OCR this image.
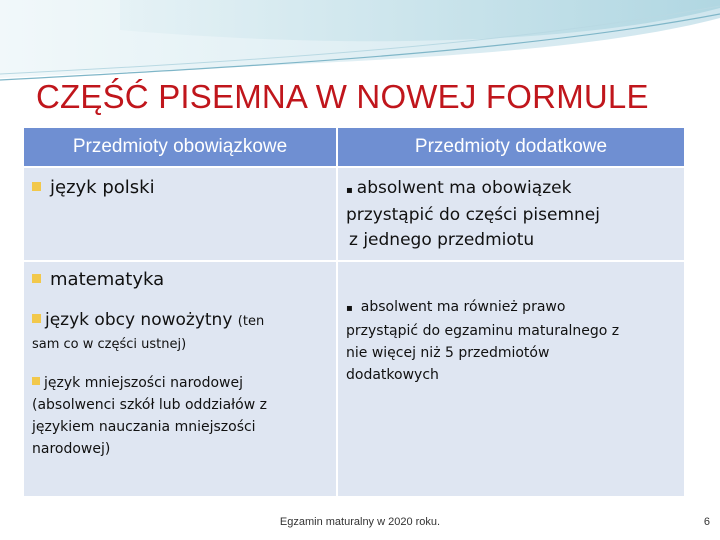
CZĘŚĆ PISEMNA W NOWEJ FORMULE
Przedmioty obowiązkowe	Przedmioty dodatkowe
język polski
matematyka
język obcy nowożytny (ten
sam co w części ustnej)
język mniejszości narodowej
(absolwenci szkół lub oddziałów z
językiem nauczania mniejszości
narodowej)
▪ absolwent ma obowiązek
przystąpić do części pisemnej
z jednego przedmiotu
▪ absolwent ma również prawo
przystąpić do egzaminu maturalnego z
nie więcej niż 5 przedmiotów
dodatkowych
Egzamin maturalny w 2020 roku.	6
